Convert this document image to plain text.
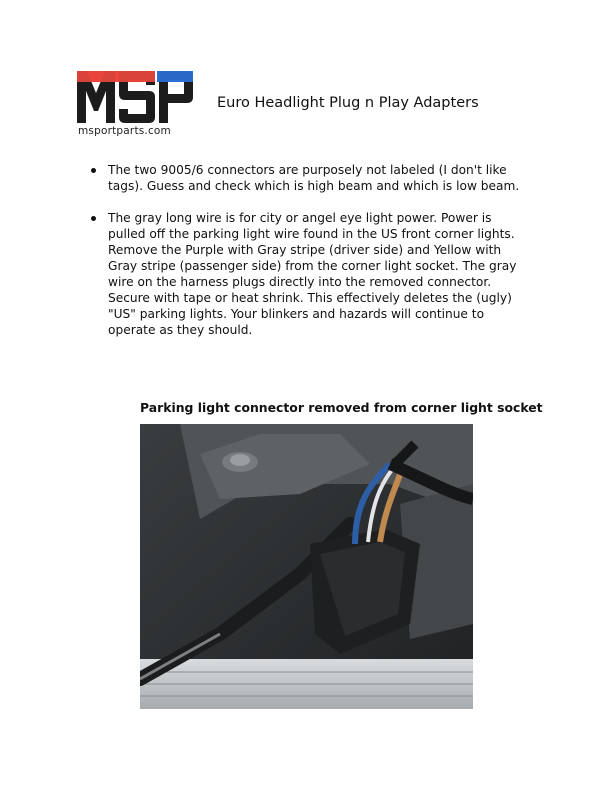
msportparts.com
Euro Headlight Plug n Play Adapters
The two 9005/6 connectors are purposely not labeled (I don't like tags). Guess and check which is high beam and which is low beam.
The gray long wire is for city or angel eye light power. Power is pulled off the parking light wire found in the US front corner lights. Remove the Purple with Gray stripe (driver side) and Yellow with Gray stripe (passenger side) from the corner light socket. The gray wire on the harness plugs directly into the removed connector. Secure with tape or heat shrink. This effectively deletes the (ugly) "US" parking lights. Your blinkers and hazards will continue to operate as they should.
Parking light connector removed from corner light socket
